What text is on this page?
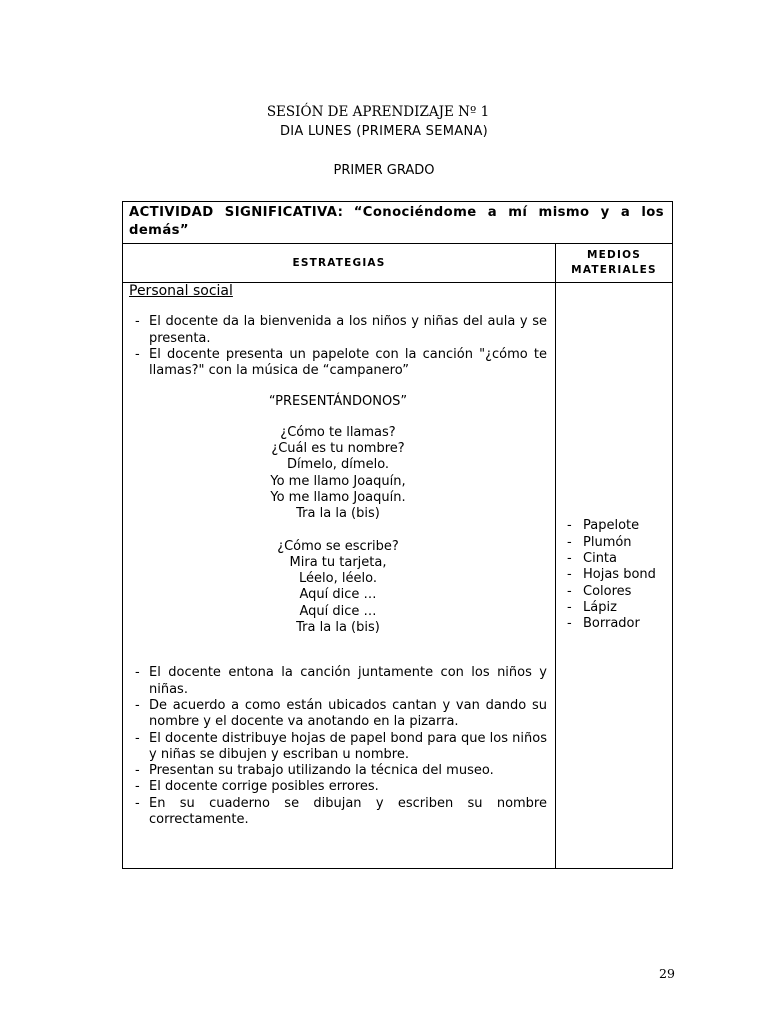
SESIÓN DE APRENDIZAJE Nº 1
DIA LUNES (PRIMERA SEMANA)
PRIMER GRADO
ACTIVIDAD SIGNIFICATIVA: “Conociéndome a mí mismo y a los demás”
ESTRATEGIAS
MEDIOS
MATERIALES
Personal social
- El docente da la bienvenida a los niños y niñas del aula y se presenta.
- El docente presenta un papelote con la canción "¿cómo te llamas?" con la música de “campanero”
“PRESENTÁNDONOS”
¿Cómo te llamas?
¿Cuál es tu nombre?
Dímelo, dímelo.
Yo me llamo Joaquín,
Yo me llamo Joaquín.
Tra la la (bis)
¿Cómo se escribe?
Mira tu tarjeta,
Léelo, léelo.
Aquí dice …
Aquí dice …
Tra la la (bis)
- El docente entona la canción juntamente con los niños y niñas.
- De acuerdo a como están ubicados cantan y van dando su nombre y el docente va anotando en la pizarra.
- El docente distribuye hojas de papel bond para que los niños y niñas se dibujen y escriban u nombre.
- Presentan su trabajo utilizando la técnica del museo.
- El docente corrige posibles errores.
- En su cuaderno se dibujan y escriben su nombre correctamente.
- Papelote
- Plumón
- Cinta
- Hojas bond
- Colores
- Lápiz
- Borrador
29
